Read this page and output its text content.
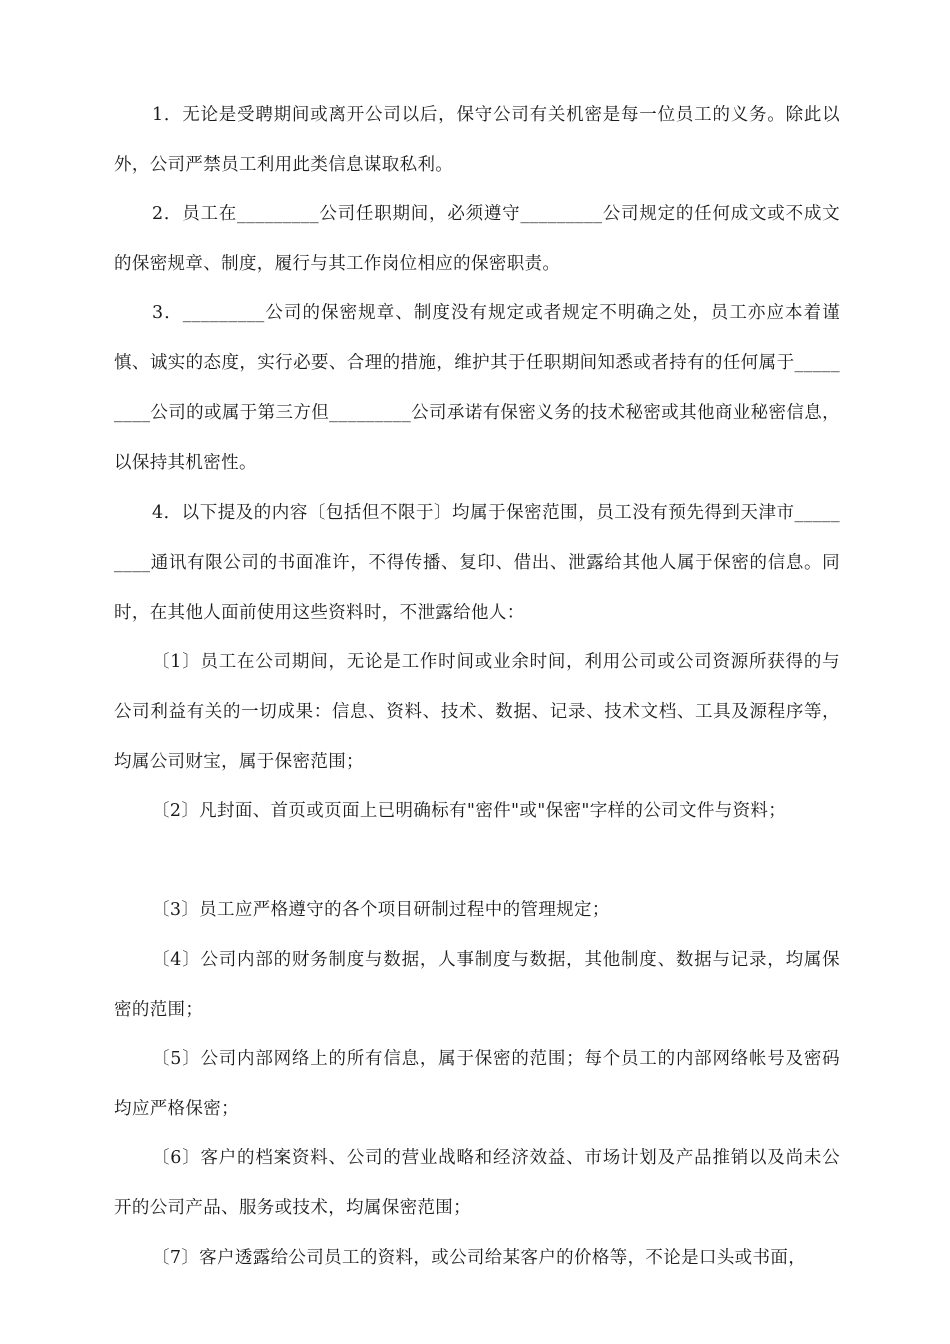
1．无论是受聘期间或离开公司以后，保守公司有关机密是每一位员工的义务。除此以外，公司严禁员工利用此类信息谋取私利。

2．员工在_________公司任职期间，必须遵守_________公司规定的任何成文或不成文的保密规章、制度，履行与其工作岗位相应的保密职责。

3．_________公司的保密规章、制度没有规定或者规定不明确之处，员工亦应本着谨慎、诚实的态度，实行必要、合理的措施，维护其于任职期间知悉或者持有的任何属于_________公司的或属于第三方但_________公司承诺有保密义务的技术秘密或其他商业秘密信息，以保持其机密性。

4．以下提及的内容〔包括但不限于〕均属于保密范围，员工没有预先得到天津市_________通讯有限公司的书面准许，不得传播、复印、借出、泄露给其他人属于保密的信息。同时，在其他人面前使用这些资料时，不泄露给他人：

〔1〕员工在公司期间，无论是工作时间或业余时间，利用公司或公司资源所获得的与公司利益有关的一切成果：信息、资料、技术、数据、记录、技术文档、工具及源程序等，均属公司财宝，属于保密范围；

〔2〕凡封面、首页或页面上已明确标有"密件"或"保密"字样的公司文件与资料；

〔3〕员工应严格遵守的各个项目研制过程中的管理规定；

〔4〕公司内部的财务制度与数据，人事制度与数据，其他制度、数据与记录，均属保密的范围；

〔5〕公司内部网络上的所有信息，属于保密的范围；每个员工的内部网络帐号及密码均应严格保密；

〔6〕客户的档案资料、公司的营业战略和经济效益、市场计划及产品推销以及尚未公开的公司产品、服务或技术，均属保密范围；

〔7〕客户透露给公司员工的资料，或公司给某客户的价格等，不论是口头或书面，
